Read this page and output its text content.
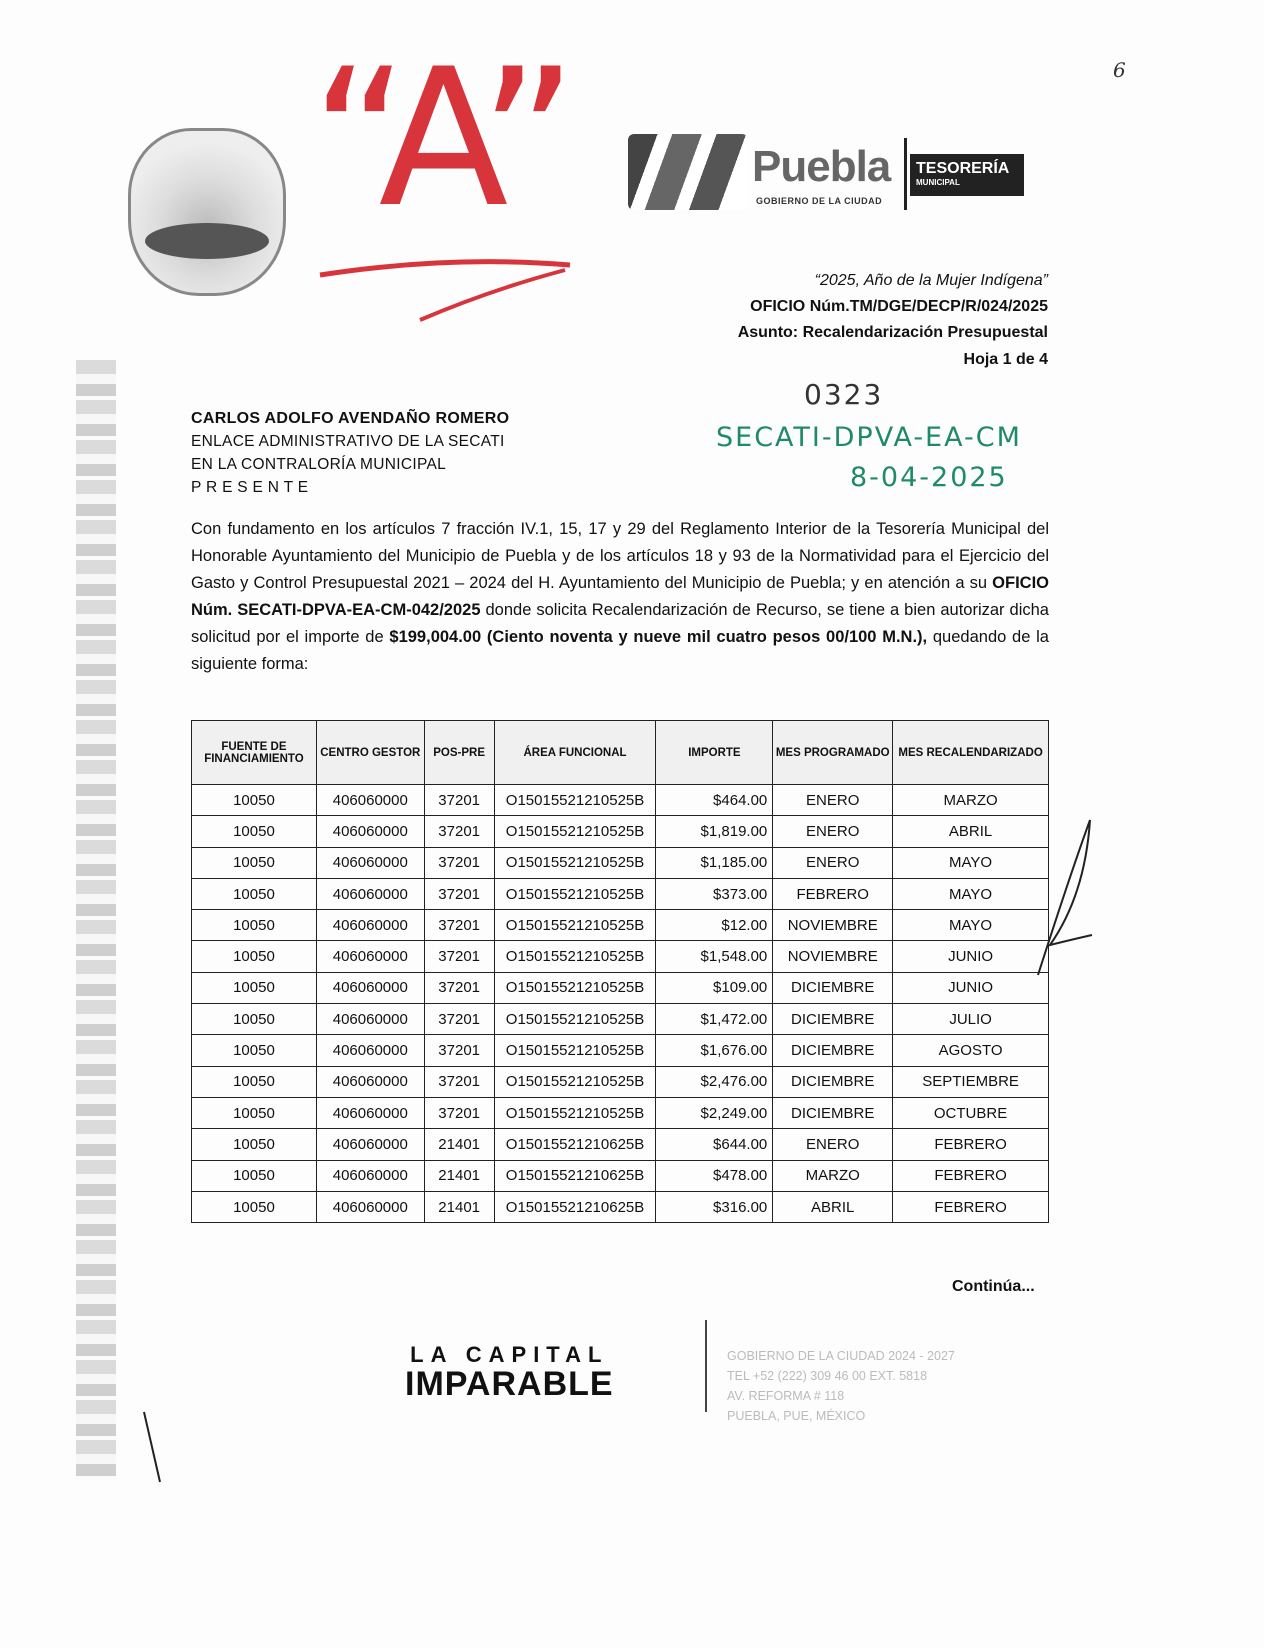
“A”	6
Puebla
GOBIERNO DE LA CIUDAD
TESORERÍA
MUNICIPAL
“2025, Año de la Mujer Indígena”
OFICIO Núm.TM/DGE/DECP/R/024/2025
Asunto: Recalendarización Presupuestal
Hoja 1 de 4
0323
SECATI-DPVA-EA-CM
8-04-2025
CARLOS ADOLFO AVENDAÑO ROMERO
ENLACE ADMINISTRATIVO DE LA SECATI
EN LA CONTRALORÍA MUNICIPAL
P R E S E N T E
Con fundamento en los artículos 7 fracción IV.1, 15, 17 y 29 del Reglamento Interior de la Tesorería Municipal del Honorable Ayuntamiento del Municipio de Puebla y de los artículos 18 y 93 de la Normatividad para el Ejercicio del Gasto y Control Presupuestal 2021 – 2024 del H. Ayuntamiento del Municipio de Puebla; y en atención a su OFICIO Núm. SECATI-DPVA-EA-CM-042/2025 donde solicita Recalendarización de Recurso, se tiene a bien autorizar dicha solicitud por el importe de $199,004.00 (Ciento noventa y nueve mil cuatro pesos 00/100 M.N.), quedando de la siguiente forma:
FUENTE DE FINANCIAMIENTO	CENTRO GESTOR	POS-PRE	ÁREA FUNCIONAL	IMPORTE	MES PROGRAMADO	MES RECALENDARIZADO
10050	406060000	37201	O15015521210525B	$464.00	ENERO	MARZO
10050	406060000	37201	O15015521210525B	$1,819.00	ENERO	ABRIL
10050	406060000	37201	O15015521210525B	$1,185.00	ENERO	MAYO
10050	406060000	37201	O15015521210525B	$373.00	FEBRERO	MAYO
10050	406060000	37201	O15015521210525B	$12.00	NOVIEMBRE	MAYO
10050	406060000	37201	O15015521210525B	$1,548.00	NOVIEMBRE	JUNIO
10050	406060000	37201	O15015521210525B	$109.00	DICIEMBRE	JUNIO
10050	406060000	37201	O15015521210525B	$1,472.00	DICIEMBRE	JULIO
10050	406060000	37201	O15015521210525B	$1,676.00	DICIEMBRE	AGOSTO
10050	406060000	37201	O15015521210525B	$2,476.00	DICIEMBRE	SEPTIEMBRE
10050	406060000	37201	O15015521210525B	$2,249.00	DICIEMBRE	OCTUBRE
10050	406060000	21401	O15015521210625B	$644.00	ENERO	FEBRERO
10050	406060000	21401	O15015521210625B	$478.00	MARZO	FEBRERO
10050	406060000	21401	O15015521210625B	$316.00	ABRIL	FEBRERO
Continúa...
LA CAPITAL
IMPARABLE
GOBIERNO DE LA CIUDAD 2024 - 2027
TEL +52 (222) 309 46 00 EXT. 5818
AV. REFORMA # 118
PUEBLA, PUE, MÉXICO
